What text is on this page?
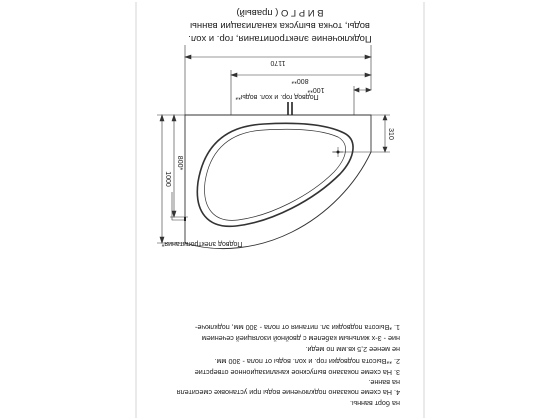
Подключение электропитания, гор. и хол.
воды, точка выпуска канализации ванны
В И Р Г О ( правый)
1170
800**
100**
310
1000
800*
Подвод гор. и хол. воды**
Подвод электропитания*
1. *Высота подводки эл. питания от пола - 300 мм, подключе-
ние - 3-х жильным кабелем с двойной изоляцией сечением
не менее 2,5 кв.мм по меди.
2. **Высота подводки гор. и хол. воды от пола - 300 мм.
3. На схеме показано выпускное канализационное отверстие
на ванне.
4. На схеме показано подключение воды при установке смесителя
на борт ванны.
